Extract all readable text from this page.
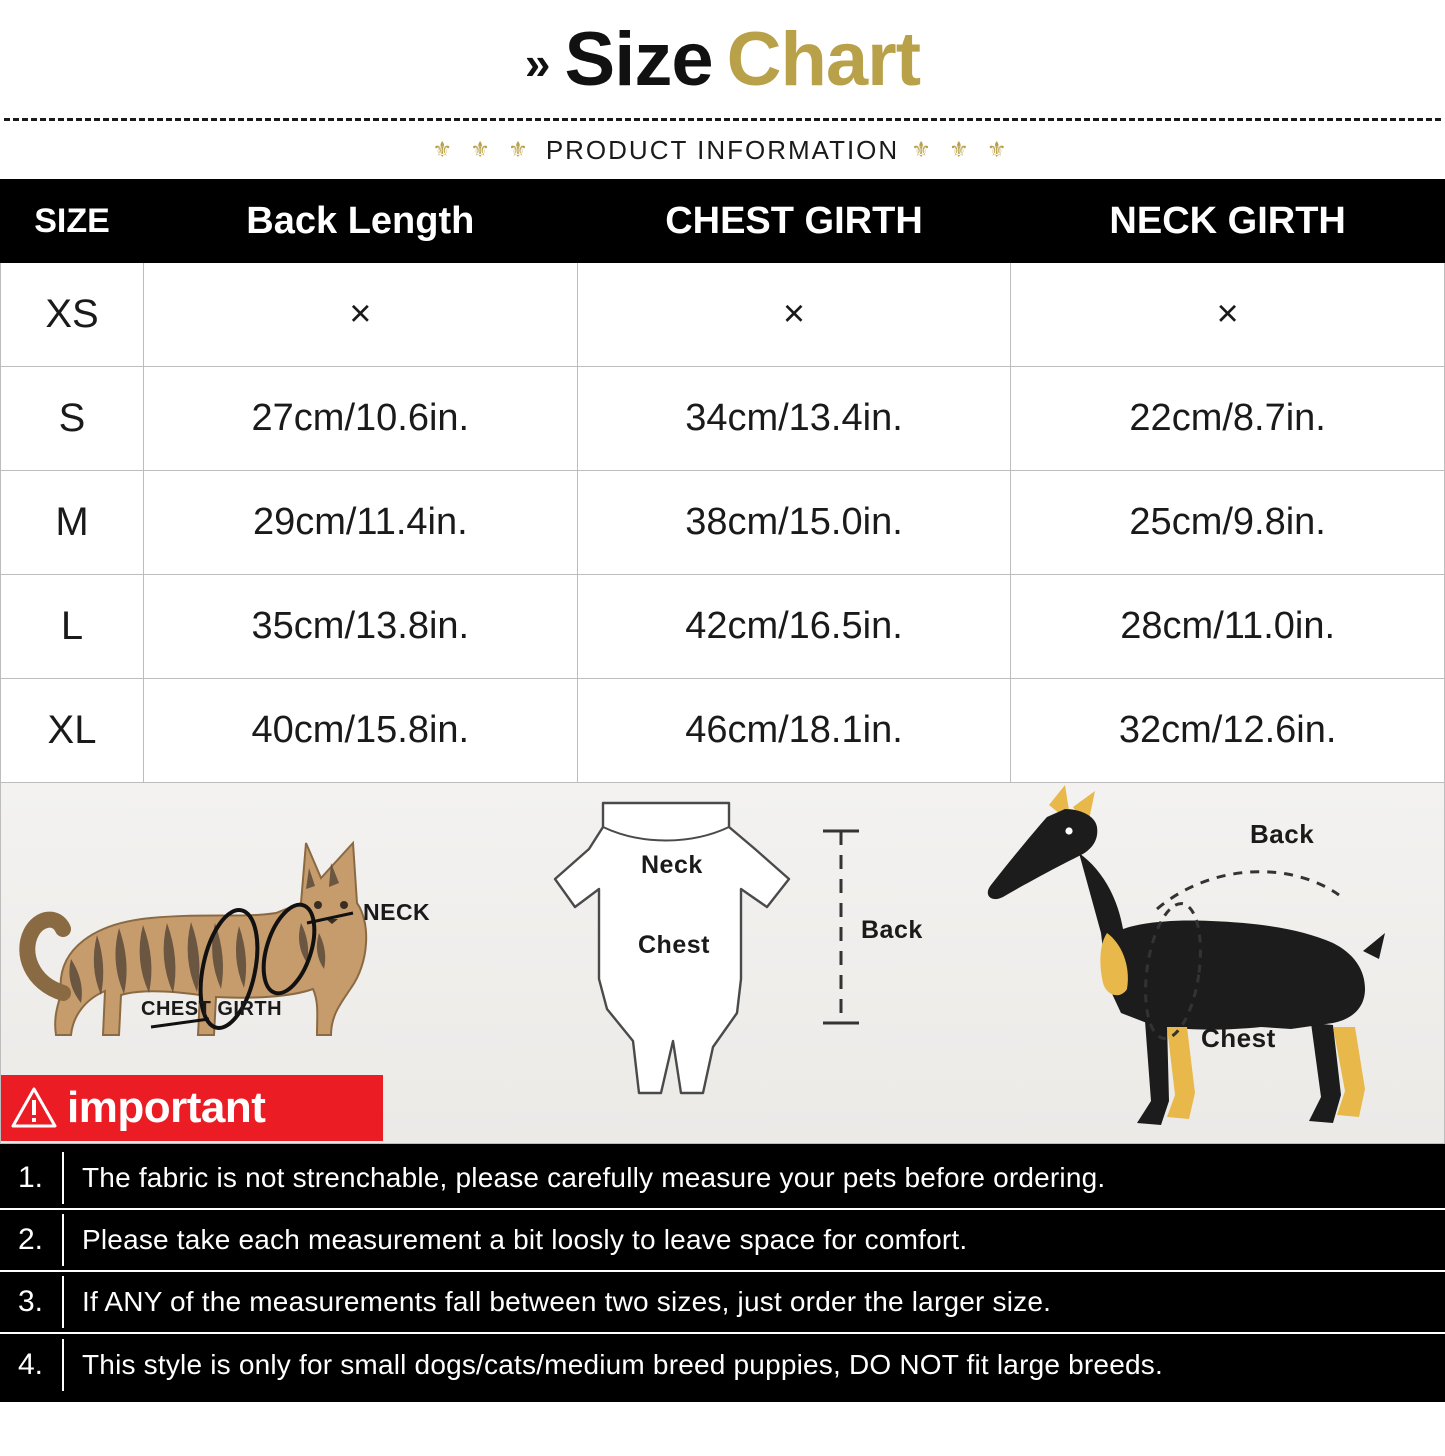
» Size Chart
⚜ ⚜ ⚜ PRODUCT INFORMATION ⚜ ⚜ ⚜
SIZE	Back Length	CHEST GIRTH	NECK GIRTH
XS	×	×	×
S	27cm/10.6in.	34cm/13.4in.	22cm/8.7in.
M	29cm/11.4in.	38cm/15.0in.	25cm/9.8in.
L	35cm/13.8in.	42cm/16.5in.	28cm/11.0in.
XL	40cm/15.8in.	46cm/18.1in.	32cm/12.6in.
NECK
CHEST GIRTH
Neck
Chest
Back
Back
Chest
important
1.	The fabric is not strenchable, please carefully measure your pets before ordering.
2.	Please take each measurement a bit loosly to leave space for comfort.
3.	If ANY of the measurements fall between two sizes, just order the larger size.
4.	This style is only for small dogs/cats/medium breed puppies, DO NOT fit large breeds.
